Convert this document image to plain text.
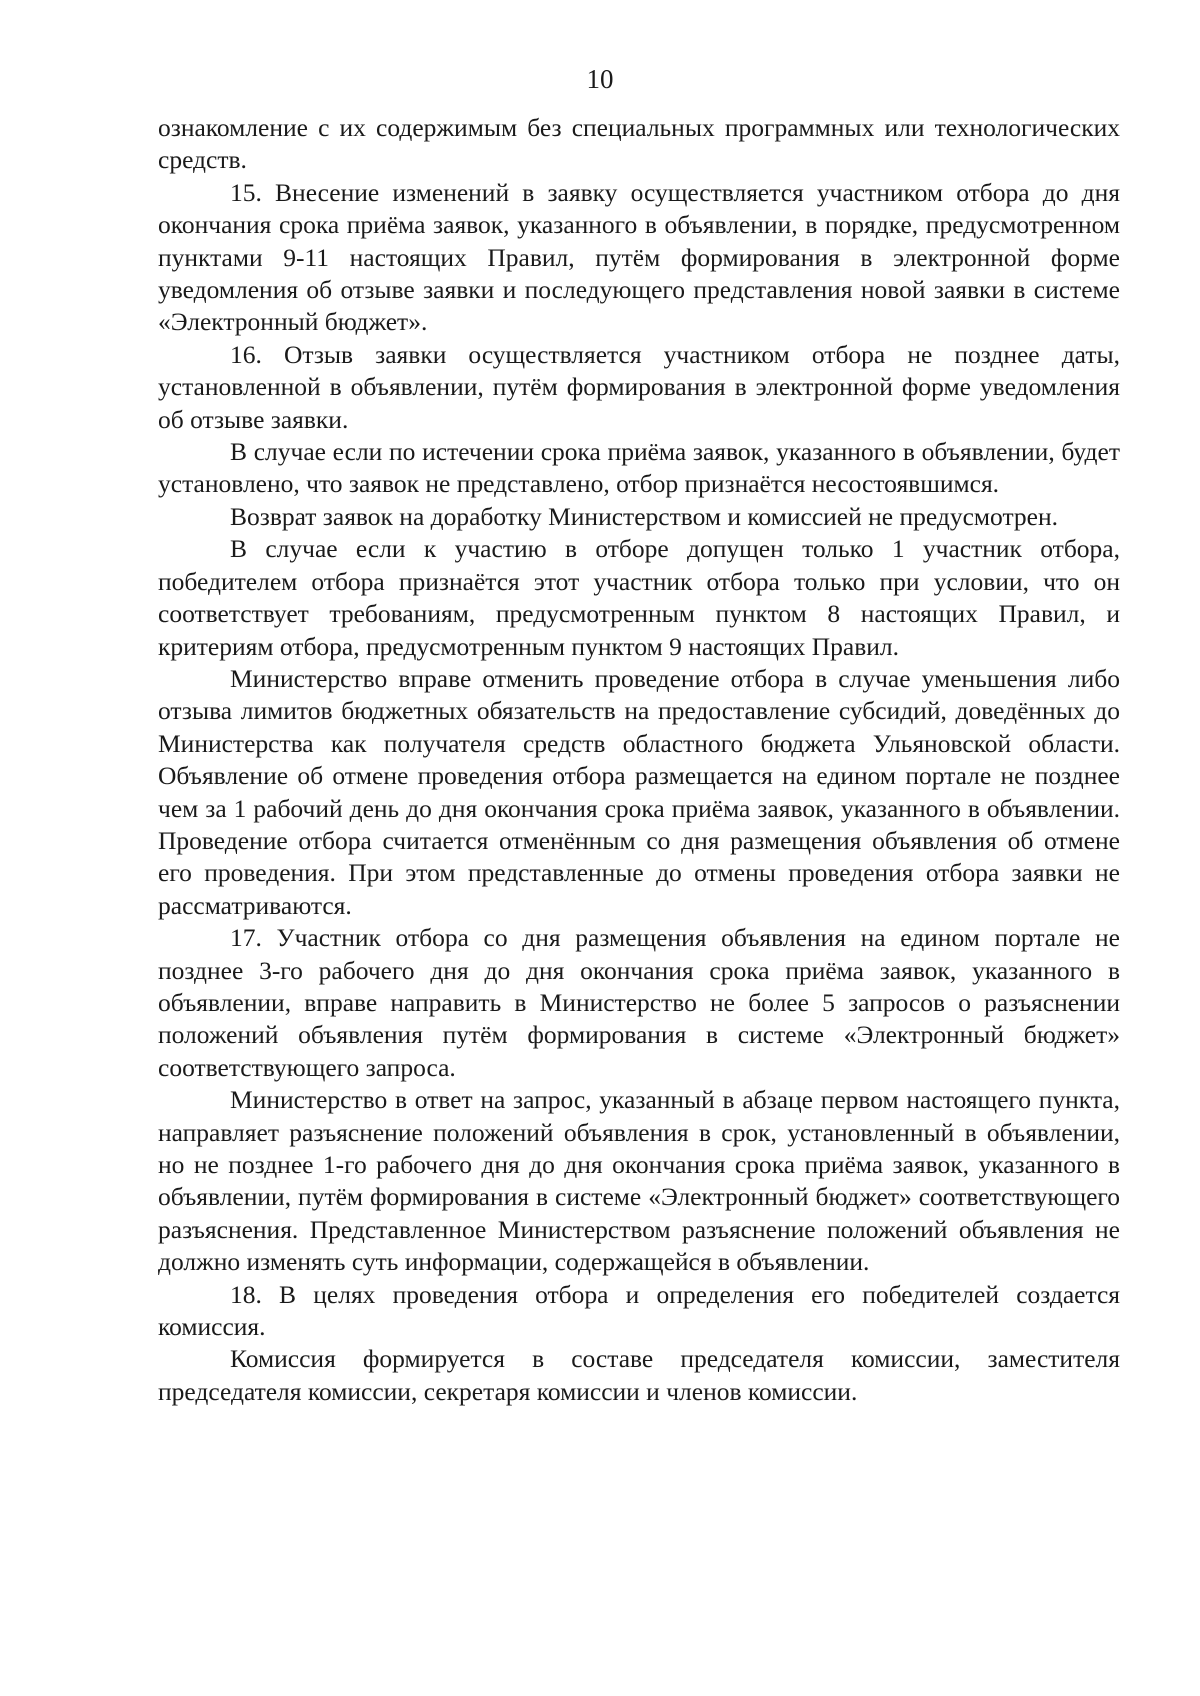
10

ознакомление с их содержимым без специальных программных или технологических средств.

15. Внесение изменений в заявку осуществляется участником отбора до дня окончания срока приёма заявок, указанного в объявлении, в порядке, предусмотренном пунктами 9-11 настоящих Правил, путём формирования в электронной форме уведомления об отзыве заявки и последующего представления новой заявки в системе «Электронный бюджет».

16. Отзыв заявки осуществляется участником отбора не позднее даты, установленной в объявлении, путём формирования в электронной форме уведомления об отзыве заявки.

В случае если по истечении срока приёма заявок, указанного в объявлении, будет установлено, что заявок не представлено, отбор признаётся несостоявшимся.

Возврат заявок на доработку Министерством и комиссией не предусмотрен.

В случае если к участию в отборе допущен только 1 участник отбора, победителем отбора признаётся этот участник отбора только при условии, что он соответствует требованиям, предусмотренным пунктом 8 настоящих Правил, и критериям отбора, предусмотренным пунктом 9 настоящих Правил.

Министерство вправе отменить проведение отбора в случае уменьшения либо отзыва лимитов бюджетных обязательств на предоставление субсидий, доведённых до Министерства как получателя средств областного бюджета Ульяновской области. Объявление об отмене проведения отбора размещается на едином портале не позднее чем за 1 рабочий день до дня окончания срока приёма заявок, указанного в объявлении. Проведение отбора считается отменённым со дня размещения объявления об отмене его проведения. При этом представленные до отмены проведения отбора заявки не рассматриваются.

17. Участник отбора со дня размещения объявления на едином портале не позднее 3-го рабочего дня до дня окончания срока приёма заявок, указанного в объявлении, вправе направить в Министерство не более 5 запросов о разъяснении положений объявления путём формирования в системе «Электронный бюджет» соответствующего запроса.

Министерство в ответ на запрос, указанный в абзаце первом настоящего пункта, направляет разъяснение положений объявления в срок, установленный в объявлении, но не позднее 1-го рабочего дня до дня окончания срока приёма заявок, указанного в объявлении, путём формирования в системе «Электронный бюджет» соответствующего разъяснения. Представленное Министерством разъяснение положений объявления не должно изменять суть информации, содержащейся в объявлении.

18. В целях проведения отбора и определения его победителей создается комиссия.

Комиссия формируется в составе председателя комиссии, заместителя председателя комиссии, секретаря комиссии и членов комиссии.
